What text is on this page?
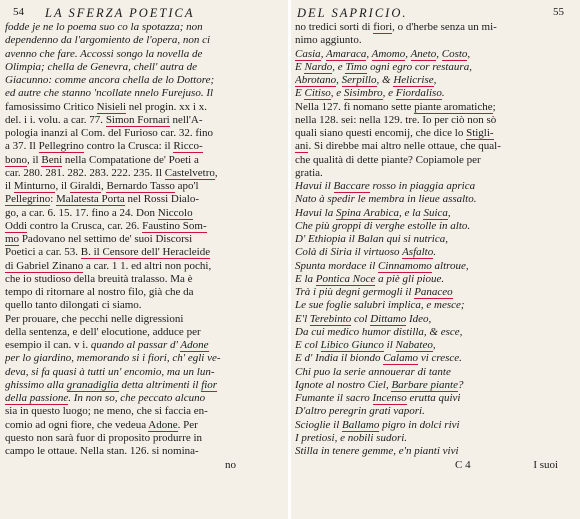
54 LA SFERZA POETICA
fodde je ne lo poema suo co la spotazza; non
dependenno da l'argomiento de l'opera, non ci
avenno che fare. Accossi songo la novella de
Olimpia; chella de Genevra, chell' autra de
Giacunno: comme ancora chella de lo Dottore;
ed autre che stanno 'ncollate nnelo Furejuso. Il
famosissimo Critico Nisieli nel progin. xx i x.
del. i i. volu. a car. 77. Simon Fornari nell'A-
pologia inanzi al Com. del Furioso car. 32. fino
a 37. Il Pellegrino contro la Crusca: il Ricco-
bono, il Beni nella Compatatione de' Poeti a
car. 280. 281. 282. 283. 222. 235. Il Castelvetro,
il Minturno, il Giraldi, Bernardo Tasso apo'l
Pellegrino: Malatesta Porta nel Rossi Dialo-
go, a car. 6. 15. 17. fino a 24. Don Niccolo
Oddi contro la Crusca, car. 26. Faustino Som-
mo Padovano nel settimo de' suoi Discorsi
Poetici a car. 53. B. il Censore dell' Heracleide
di Gabriel Zinano a car. 1 1. ed altri non pochi,
che io studioso della breuità tralasso. Ma è
tempo di ritornare al nostro filo, già che da
quello tanto dilongati ci siamo.
Per prouare, che pecchi nelle digressioni
della sentenza, e dell' elocutione, adduce per
esempio il can. v i. quando al passar d' Adone
per lo giardino, memorando si i fiori, ch' egli ve-
deva, si fa quasi à tutti un' encomio, ma un lun-
ghissimo alla granadiglia detta altrimenti il fior
della passione. In non so, che peccato alcuno
sia in questo luogo; ne meno, che si faccia en-
comio ad ogni fiore, che vedeua Adone. Per
questo non sarà fuor di proposito produrre in
campo le ottaue. Nella stan. 126. si nomina-
no
DEL SAPRICIO.	55
no tredici sorti di fiori, o d'herbe senza un mi-
nimo aggiunto.
Casia, Amaraca, Amomo, Aneto, Costo,
E Nardo, e Timo ogni egro cor restaura,
Abrotano, Serpillo, & Helicrise,
E Citiso, e Sisimbro, e Fiordaliso.
Nella 127. fi nomano sette piante aromatiche;
nella 128. sei: nella 129. tre. Io per ciò non sò
quali siano questi encomij, che dice lo Stigli-
ani. Si direbbe mai altro nelle ottaue, che qual-
che qualità di dette piante? Copiamole per
gratia.
Havui il Baccare rosso in piaggia aprica
Nato à spedir le membra in lieue assalto.
Havui la Spina Arabica, e la Suica,
Che più groppi di verghe estolle in alto.
D' Ethiopia il Balan qui si nutrica,
Colà di Siria il virtuoso Asfalto.
Spunta mordace il Cinnamomo altroue,
E la Pontica Noce a piè gli pioue.
Trà i più degni germogli il Panaceo
Le sue foglie salubri implica, e mesce;
E'l Terebinto col Dittamo Ideo,
Da cui medico humor distilla, & esce,
E col Libico Giunco il Nabateo,
E d' India il biondo Calamo vi cresce.
Chi puo la serie annouerar di tante
Ignote al nostro Ciel, Barbare piante?
Fumante il sacro Incenso erutta quivi
D'altro peregrin grati vapori.
Scioglie il Ballamo pigro in dolci rivi
I pretiosi, e nobili sudori.
Stilla in tenere gemme, e'n pianti vivi
C 4	I suoi
